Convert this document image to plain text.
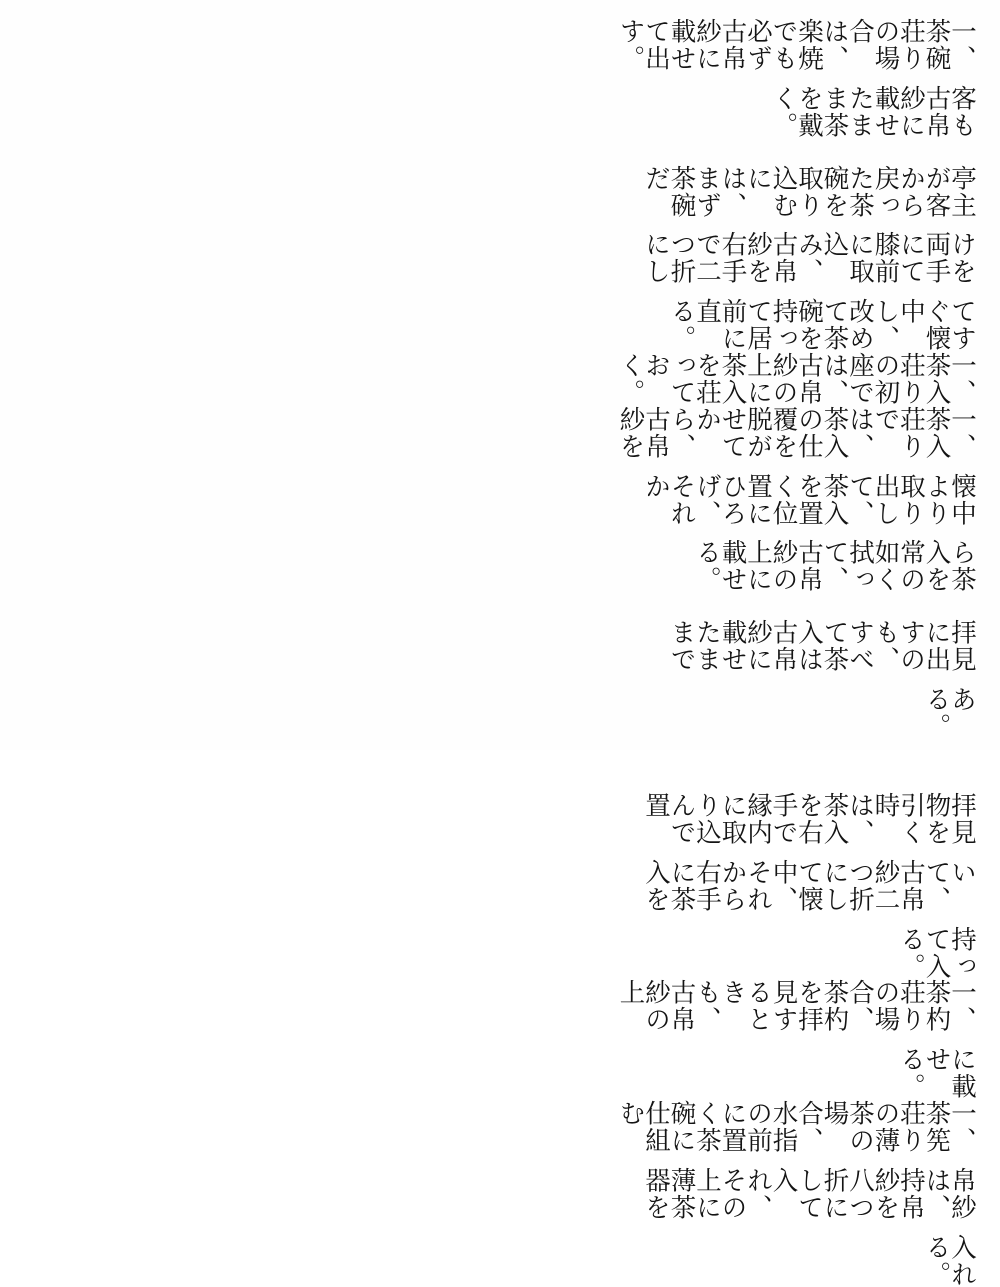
一、茶碗荘りの場合は、楽焼でも必ず古帛紗に載せて出す。
客も古帛紗に載せたまま茶を戴く。
亭主が客から戻った茶碗を取り込むには、まず茶碗だ
けを両手にて膝前に取込み、古帛紗を右手で二つ折にし
てすぐ懐中し、改めて茶碗を持って居前に直る。
一、茶入荘りの初座では、古帛紗の上に茶入を荘っておく。
一、茶入荘りでは、茶入の仕覆を脱がせてから、古帛紗を
懐中より取り出して、茶入を置く位置にひろげ、それか
ら茶入を常の如く拭って、古帛紗の上に載せる。
拝見に出すのも、すべて茶入は古帛紗に載せたままで
ある。
拝見物を引く時は、茶入を右手で縁内に取り込んで置
いて、古帛紗二つ折にして懐中、それから右手に茶入を
持って入る。
一、茶杓荘りの場合、茶杓を拝見するときも、古帛紗の上
に載せる。
一、茶筅荘りの薄茶の場合、水指の前に置く茶碗に仕組む
帛紗は、持帛紗を八つ折にして入れ、その上に薄茶器を
入れる。
